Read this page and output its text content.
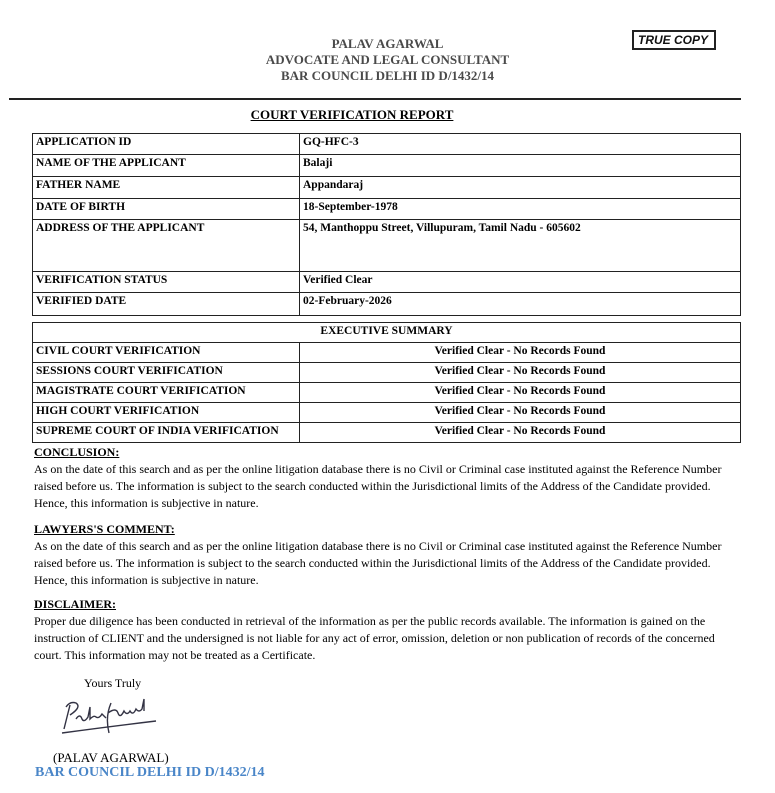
PALAV AGARWAL
ADVOCATE AND LEGAL CONSULTANT
BAR COUNCIL DELHI ID D/1432/14
TRUE COPY
COURT VERIFICATION REPORT
APPLICATION ID	GQ-HFC-3
NAME OF THE APPLICANT	Balaji
FATHER NAME	Appandaraj
DATE OF BIRTH	18-September-1978
ADDRESS OF THE APPLICANT	54, Manthoppu Street, Villupuram, Tamil Nadu - 605602
VERIFICATION STATUS	Verified Clear
VERIFIED DATE	02-February-2026
EXECUTIVE SUMMARY	
CIVIL COURT VERIFICATION	Verified Clear - No Records Found
SESSIONS COURT VERIFICATION	Verified Clear - No Records Found
MAGISTRATE COURT VERIFICATION	Verified Clear - No Records Found
HIGH COURT VERIFICATION	Verified Clear - No Records Found
SUPREME COURT OF INDIA VERIFICATION	Verified Clear - No Records Found
CONCLUSION:

As on the date of this search and as per the online litigation database there is no Civil or Criminal case instituted against the Reference Number raised before us. The information is subject to the search conducted within the Jurisdictional limits of the Address of the Candidate provided. Hence, this information is subjective in nature.

LAWYERS'S COMMENT:

As on the date of this search and as per the online litigation database there is no Civil or Criminal case instituted against the Reference Number raised before us. The information is subject to the search conducted within the Jurisdictional limits of the Address of the Candidate provided. Hence, this information is subjective in nature.

DISCLAIMER:

Proper due diligence has been conducted in retrieval of the information as per the public records available. The information is gained on the instruction of CLIENT and the undersigned is not liable for any act of error, omission, deletion or non publication of records of the concerned court. This information may not be treated as a Certificate.

Yours Truly
(PALAV AGARWAL)
BAR COUNCIL DELHI ID D/1432/14
